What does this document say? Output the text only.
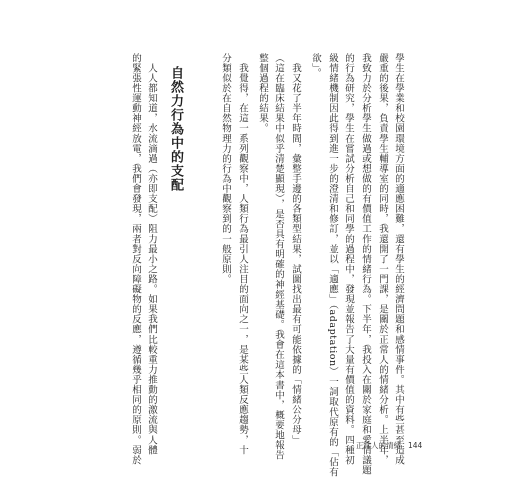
學生在學業和校園環境方面的適應困難，還有學生的經濟問題和感情事件。其中有些甚至造成
嚴重的後果，負責學生輔導室的同時，我還開了一門課，是關於正常人的情緒分析。上半年，
我致力於分析學生做過或想做的有價值工作的情緒行為。下半年，我投入在關於家庭和愛情議題
的行為研究，學生在嘗試分析自己和同學的過程中，發現並報告了大量有價值的資料。四種初
級情緒機制因此得到進一步的澄清和修訂，並以「適應」（adaptation）一詞取代原有的「佔有
欲」。
　我又花了半年時間，彙整手邊的各類型結果，試圖找出最有可能依據的「情緒公分母」
（這在臨床結果中似乎清楚顯現），是否具有明確的神經基礎。我會在這本書中，概要地報告
整個過程的結果。
　我覺得，在這一系列觀察中，人類行為最引人注目的面向之一，是某些人類反應趨勢，十
分類似於在自然物理力的行為中觀察到的一般原則。
自然力行為中的支配
　人人都知道，水流滴過（亦即支配）阻力最小之路。如果我們比較重力推動的激流與人體
的緊張性運動神經放電，我們會發現，兩者對反向障礙物的反應，遵循幾乎相同的原則。弱於	正常人的情緒 144
